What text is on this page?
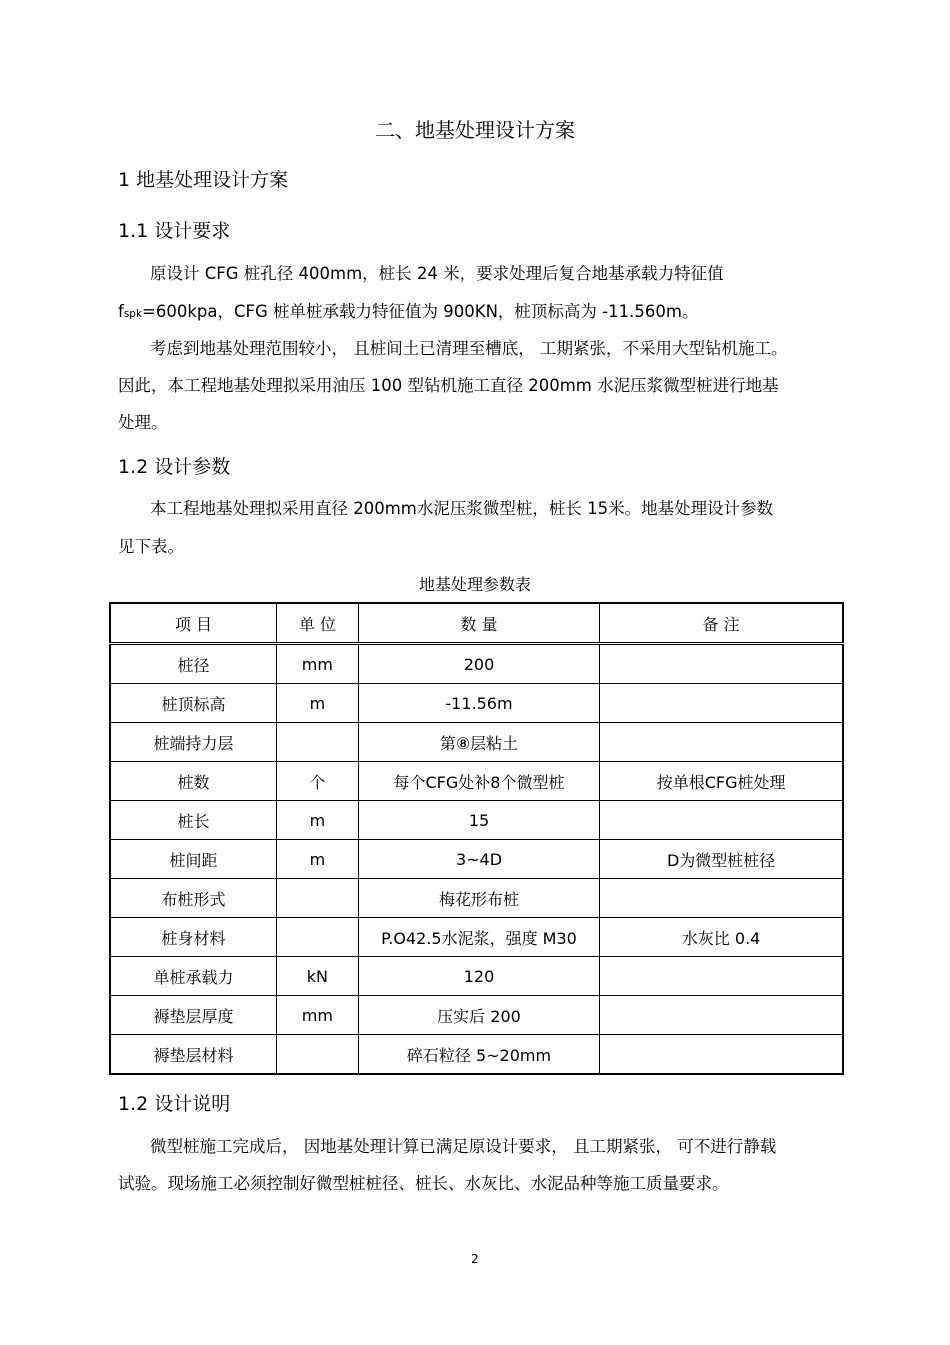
二、地基处理设计方案
1 地基处理设计方案
1.1 设计要求
原设计 CFG 桩孔径 400mm，桩长 24 米，要求处理后复合地基承载力特征值
fspk=600kpa，CFG 桩单桩承载力特征值为 900KN，桩顶标高为 -11.560m。
考虑到地基处理范围较小， 且桩间土已清理至槽底， 工期紧张，不采用大型钻机施工。
因此，本工程地基处理拟采用油压 100 型钻机施工直径 200mm 水泥压浆微型桩进行地基
处理。
1.2 设计参数
本工程地基处理拟采用直径 200mm水泥压浆微型桩，桩长 15米。地基处理设计参数
见下表。
地基处理参数表
项 目	单 位	数 量	备 注
桩径	mm	200	
桩顶标高	m	-11.56m	
桩端持力层		第⑧层粘土	
桩数	个	每个CFG处补8个微型桩	按单根CFG桩处理
桩长	m	15	
桩间距	m	3~4D	D为微型桩桩径
布桩形式		梅花形布桩	
桩身材料		P.O42.5水泥浆，强度 M30	水灰比 0.4
单桩承载力	kN	120	
褥垫层厚度	mm	压实后 200	
褥垫层材料		碎石粒径 5~20mm	
1.2 设计说明
微型桩施工完成后， 因地基处理计算已满足原设计要求， 且工期紧张， 可不进行静载
试验。现场施工必须控制好微型桩桩径、桩长、水灰比、水泥品种等施工质量要求。
2
